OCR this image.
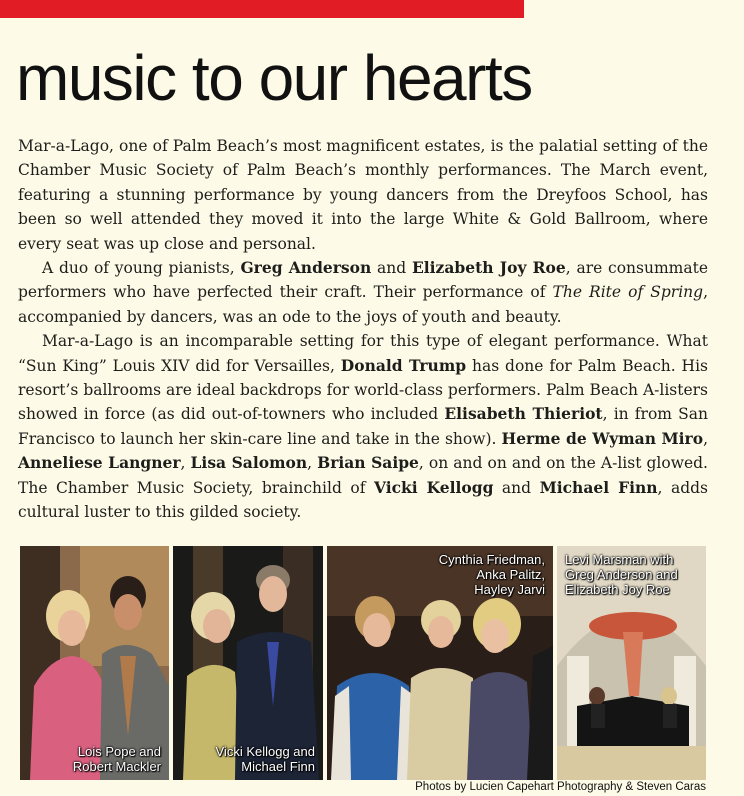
music to our hearts

Mar-a-Lago, one of Palm Beach’s most magnificent estates, is the palatial setting of the Chamber Music Society of Palm Beach’s monthly performances. The March event, featuring a stunning performance by young dancers from the Dreyfoos School, has been so well attended they moved it into the large White & Gold Ballroom, where every seat was up close and personal.

A duo of young pianists, Greg Anderson and Elizabeth Joy Roe, are consummate performers who have perfected their craft. Their performance of The Rite of Spring, accompanied by dancers, was an ode to the joys of youth and beauty.

Mar-a-Lago is an incomparable setting for this type of elegant performance. What “Sun King” Louis XIV did for Versailles, Donald Trump has done for Palm Beach. His resort’s ballrooms are ideal backdrops for world-class performers. Palm Beach A-listers showed in force (as did out-of-towners who included Elisabeth Thieriot, in from San Francisco to launch her skin-care line and take in the show). Herme de Wyman Miro, Anneliese Langner, Lisa Salomon, Brian Saipe, on and on and on the A-list glowed. The Chamber Music Society, brainchild of Vicki Kellogg and Michael Finn, adds cultural luster to this gilded society.

Lois Pope and
Robert Mackler
Vicki Kellogg and
Michael Finn
Cynthia Friedman,
Anka Palitz,
Hayley Jarvi
Levi Marsman with
Greg Anderson and
Elizabeth Joy Roe
Photos by Lucien Capehart Photography & Steven Caras
